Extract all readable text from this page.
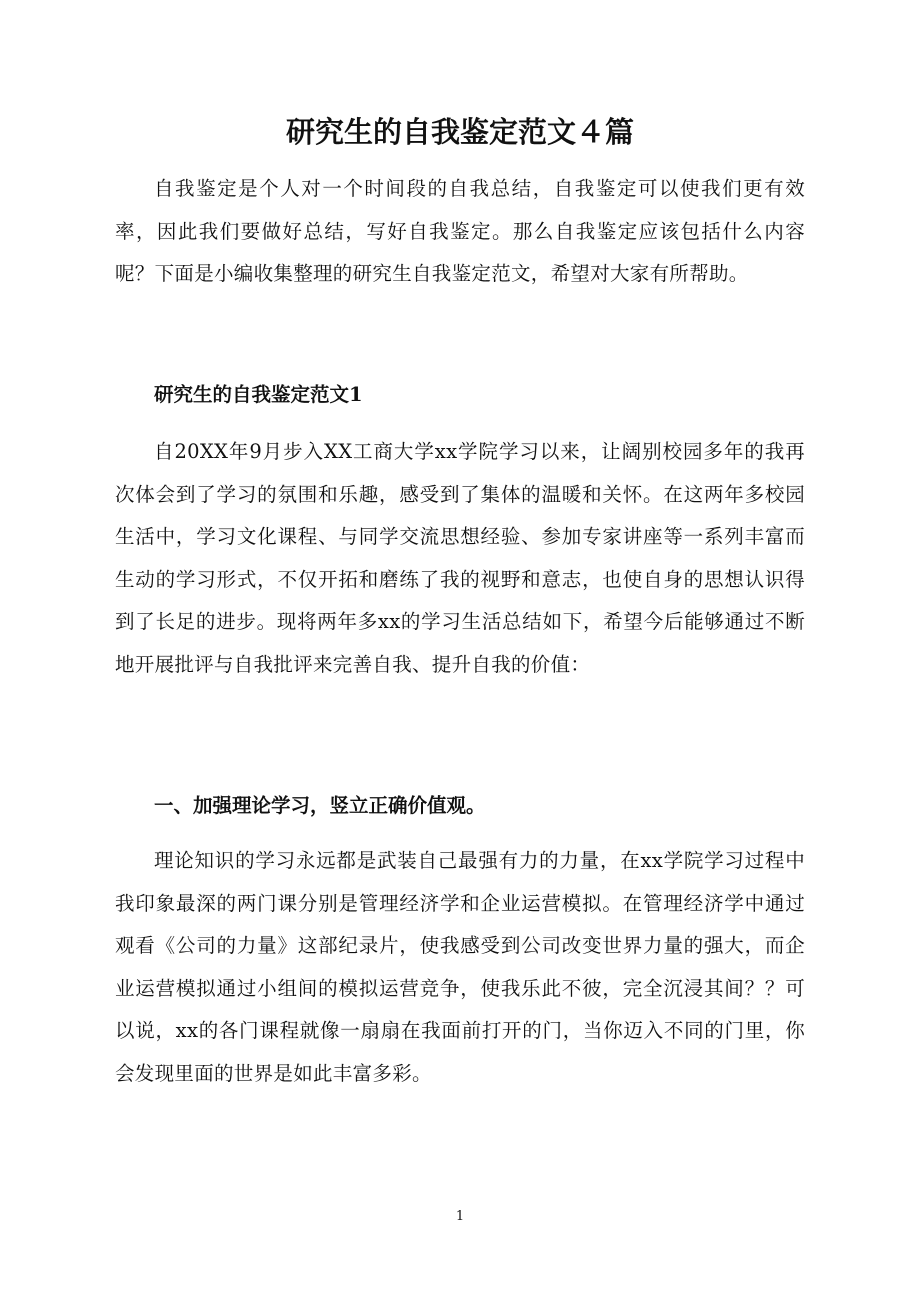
研究生的自我鉴定范文４篇

自我鉴定是个人对一个时间段的自我总结，自我鉴定可以使我们更有效率，因此我们要做好总结，写好自我鉴定。那么自我鉴定应该包括什么内容呢？下面是小编收集整理的研究生自我鉴定范文，希望对大家有所帮助。

研究生的自我鉴定范文1

自20XX年9月步入XX工商大学xx学院学习以来，让阔别校园多年的我再次体会到了学习的氛围和乐趣，感受到了集体的温暖和关怀。在这两年多校园生活中，学习文化课程、与同学交流思想经验、参加专家讲座等一系列丰富而生动的学习形式，不仅开拓和磨练了我的视野和意志，也使自身的思想认识得到了长足的进步。现将两年多xx的学习生活总结如下，希望今后能够通过不断地开展批评与自我批评来完善自我、提升自我的价值：

一、加强理论学习，竖立正确价值观。

理论知识的学习永远都是武装自己最强有力的力量，在xx学院学习过程中我印象最深的两门课分别是管理经济学和企业运营模拟。在管理经济学中通过观看《公司的力量》这部纪录片，使我感受到公司改变世界力量的强大，而企业运营模拟通过小组间的模拟运营竞争，使我乐此不彼，完全沉浸其间？？可以说，xx的各门课程就像一扇扇在我面前打开的门，当你迈入不同的门里，你会发现里面的世界是如此丰富多彩。

1
